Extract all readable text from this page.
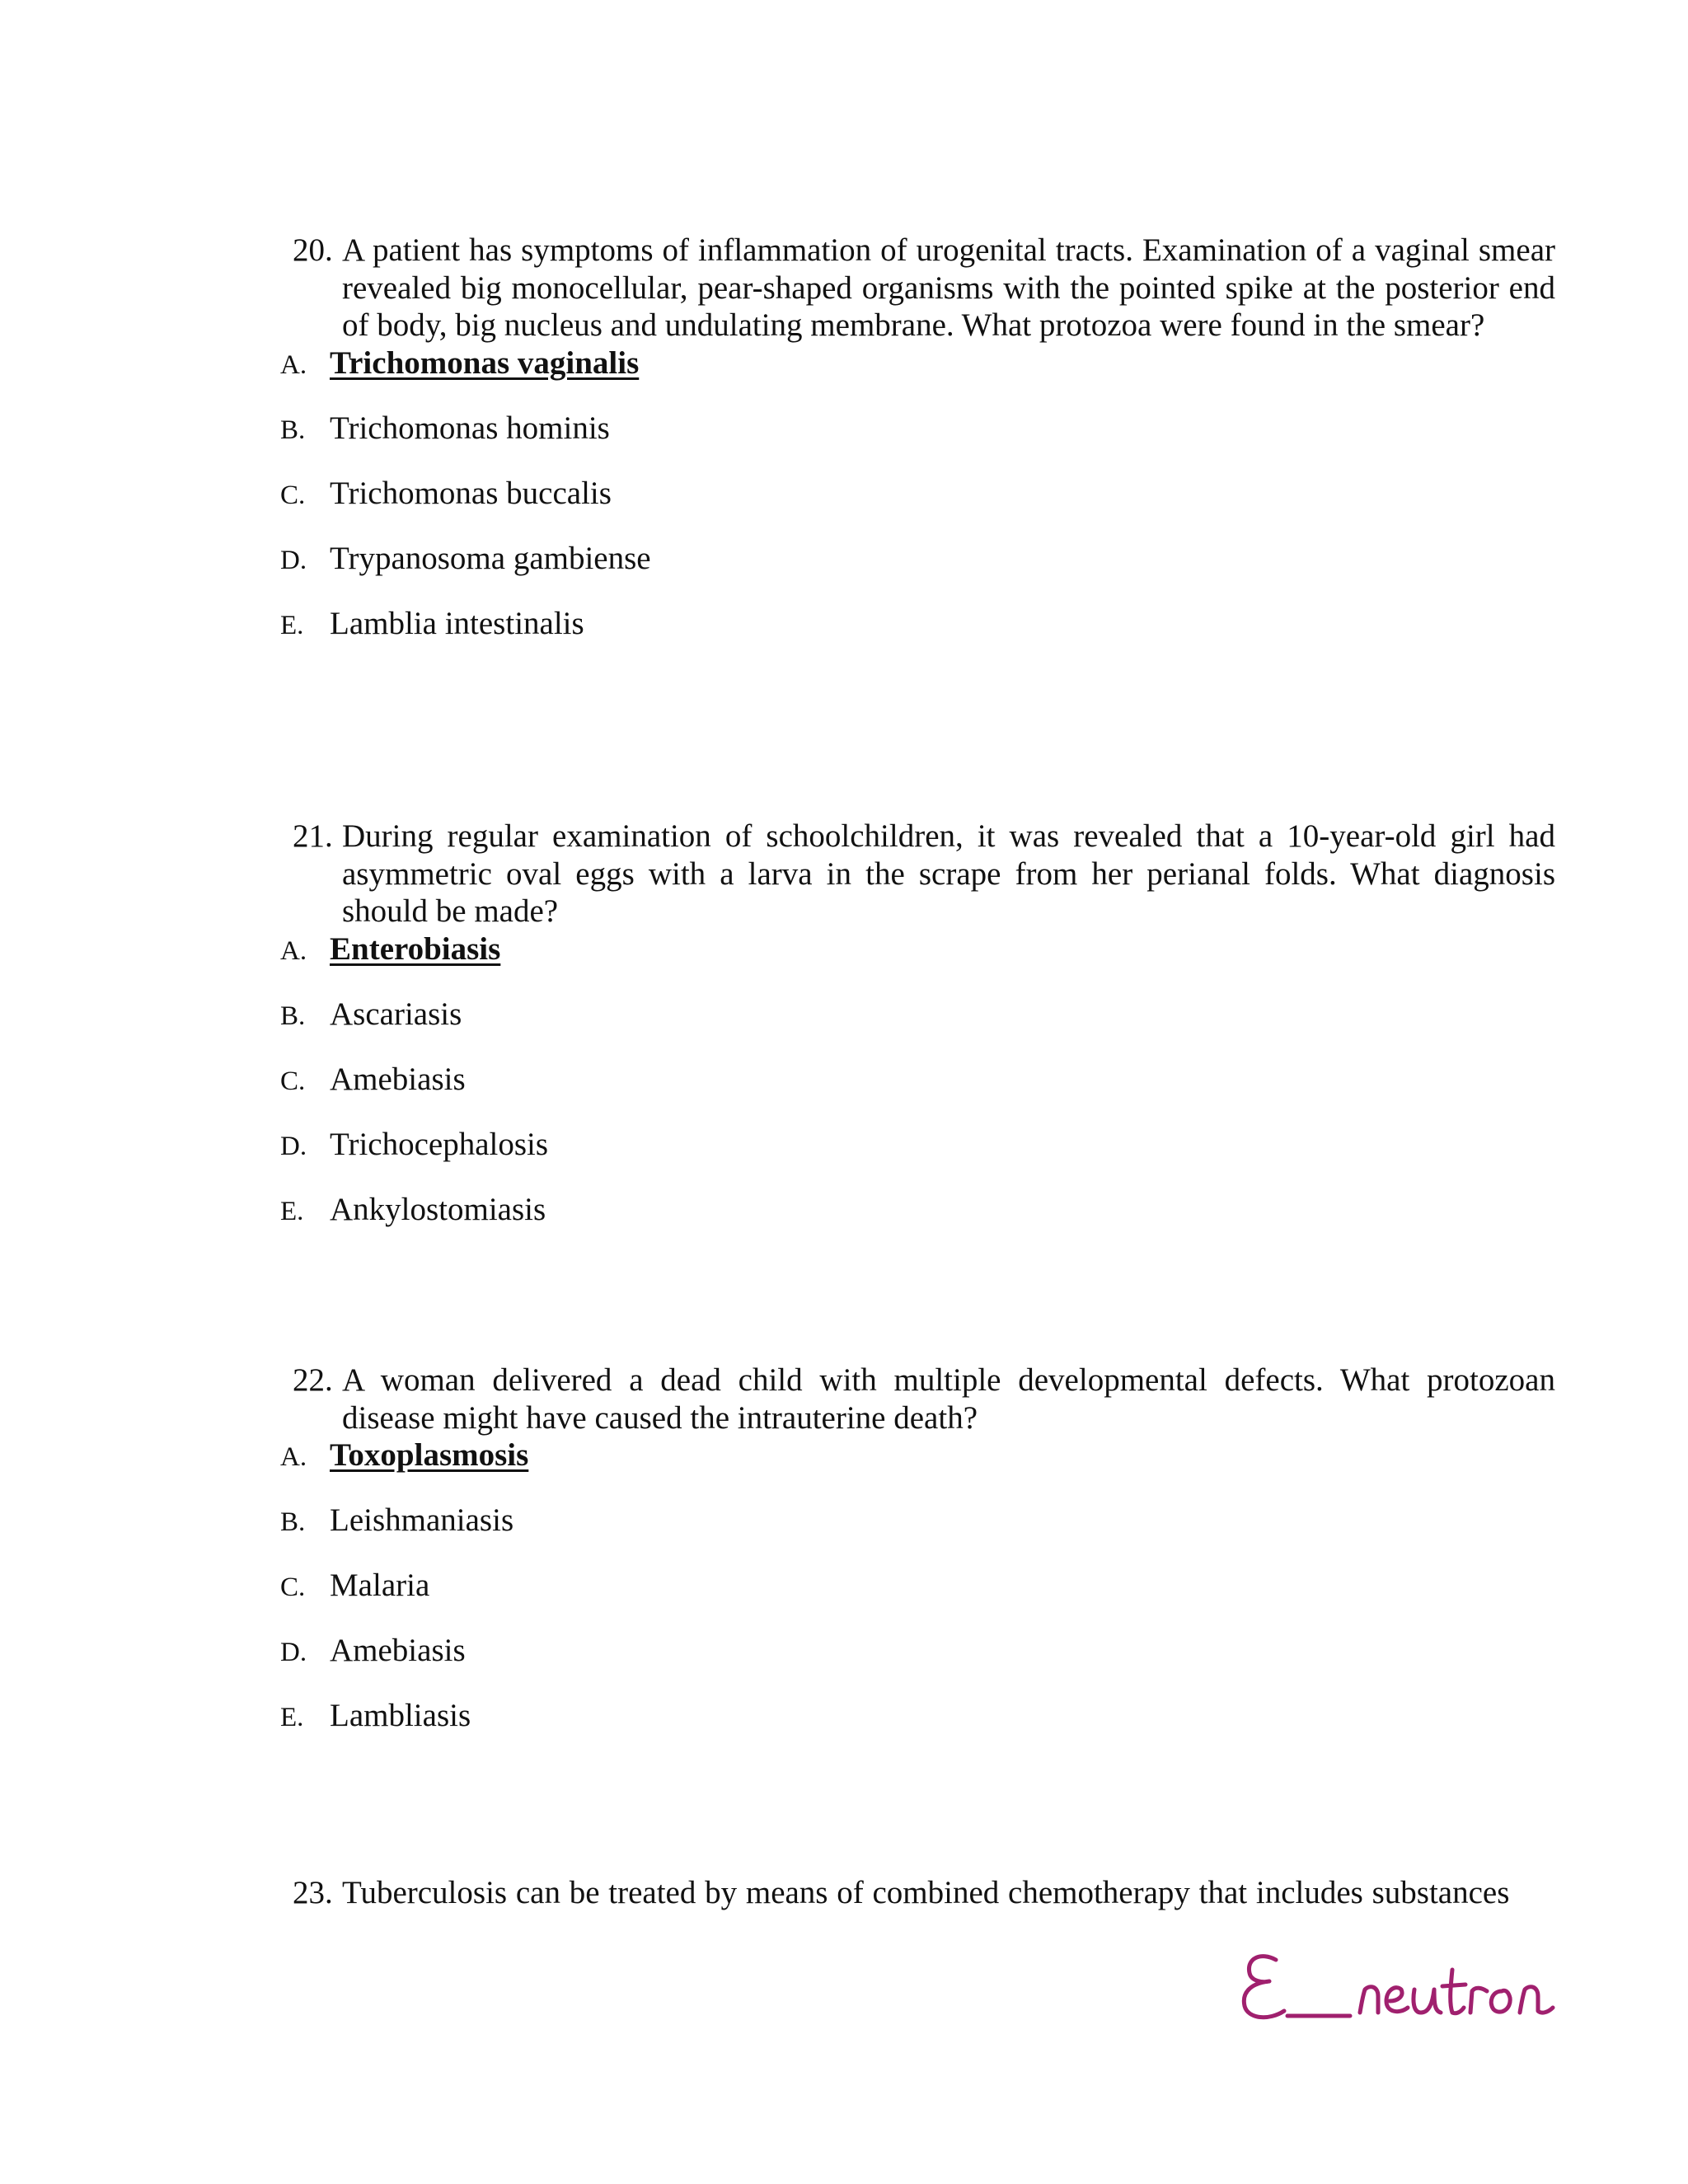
20. A patient has symptoms of inflammation of urogenital tracts. Examination of a vaginal smear revealed big monocellular, pear-shaped organisms with the pointed spike at the posterior end of body, big nucleus and undulating membrane. What protozoa were found in the smear?

A. Trichomonas vaginalis
B. Trichomonas hominis
C. Trichomonas buccalis
D. Trypanosoma gambiense
E. Lamblia intestinalis

21. During regular examination of schoolchildren, it was revealed that a 10-year-old girl had asymmetric oval eggs with a larva in the scrape from her perianal folds. What diagnosis should be made?

A. Enterobiasis
B. Ascariasis
C. Amebiasis
D. Trichocephalosis
E. Ankylostomiasis

22. A woman delivered a dead child with multiple developmental defects. What protozoan disease might have caused the intrauterine death?

A. Toxoplasmosis
B. Leishmaniasis
C. Malaria
D. Amebiasis
E. Lambliasis

23. Tuberculosis can be treated by means of combined chemotherapy that includes substances
